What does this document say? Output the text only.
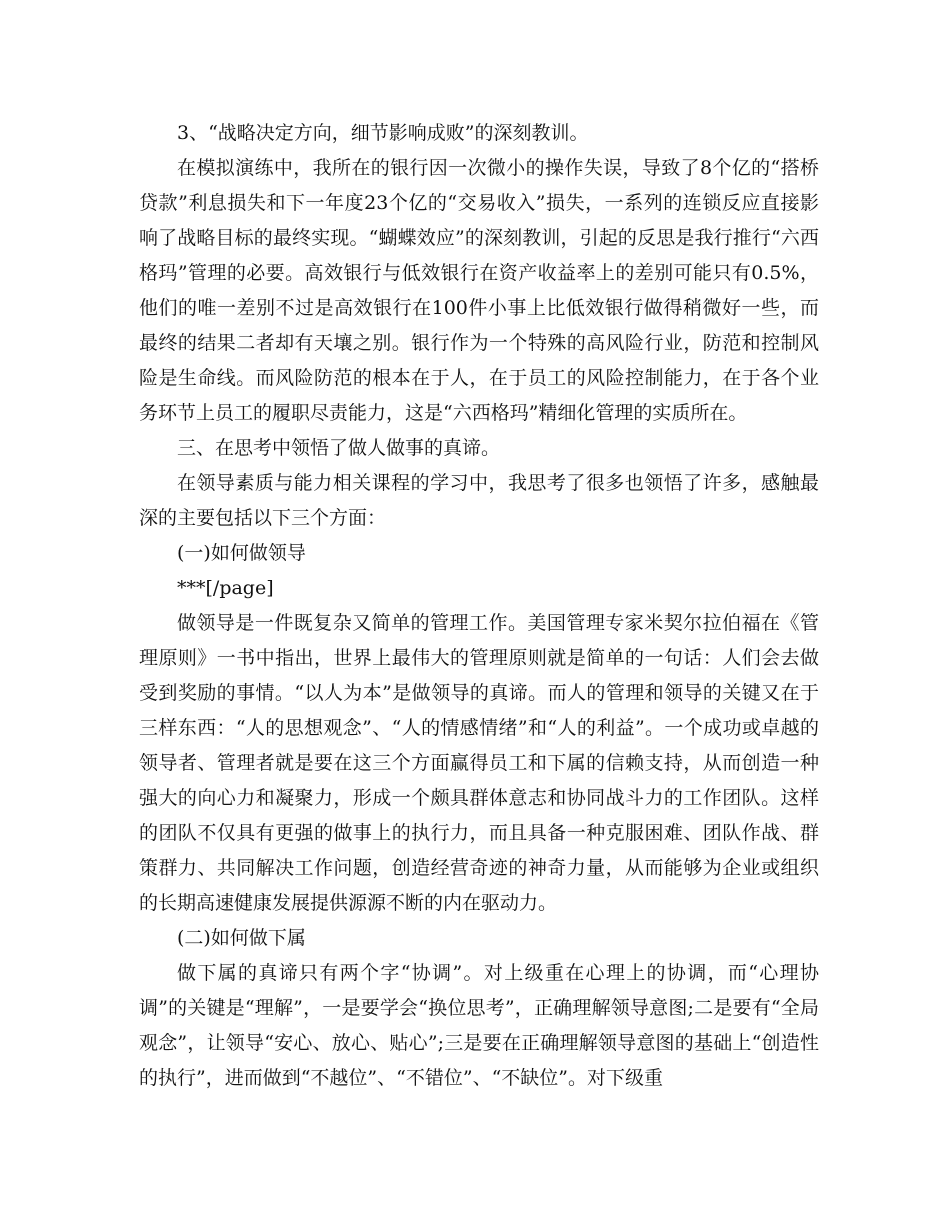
3、“战略决定方向，细节影响成败”的深刻教训。

在模拟演练中，我所在的银行因一次微小的操作失误，导致了8个亿的“搭桥贷款”利息损失和下一年度23个亿的“交易收入”损失，一系列的连锁反应直接影响了战略目标的最终实现。“蝴蝶效应”的深刻教训，引起的反思是我行推行“六西格玛”管理的必要。高效银行与低效银行在资产收益率上的差别可能只有0.5%，他们的唯一差别不过是高效银行在100件小事上比低效银行做得稍微好一些，而最终的结果二者却有天壤之别。银行作为一个特殊的高风险行业，防范和控制风险是生命线。而风险防范的根本在于人，在于员工的风险控制能力，在于各个业务环节上员工的履职尽责能力，这是“六西格玛”精细化管理的实质所在。

三、在思考中领悟了做人做事的真谛。

在领导素质与能力相关课程的学习中，我思考了很多也领悟了许多，感触最深的主要包括以下三个方面：

(一)如何做领导

***[/page]

做领导是一件既复杂又简单的管理工作。美国管理专家米契尔拉伯福在《管理原则》一书中指出，世界上最伟大的管理原则就是简单的一句话：人们会去做受到奖励的事情。“以人为本”是做领导的真谛。而人的管理和领导的关键又在于三样东西：“人的思想观念”、“人的情感情绪”和“人的利益”。一个成功或卓越的领导者、管理者就是要在这三个方面赢得员工和下属的信赖支持，从而创造一种强大的向心力和凝聚力，形成一个颇具群体意志和协同战斗力的工作团队。这样的团队不仅具有更强的做事上的执行力，而且具备一种克服困难、团队作战、群策群力、共同解决工作问题，创造经营奇迹的神奇力量，从而能够为企业或组织的长期高速健康发展提供源源不断的内在驱动力。

(二)如何做下属

做下属的真谛只有两个字“协调”。对上级重在心理上的协调，而“心理协调”的关键是“理解”，一是要学会“换位思考”，正确理解领导意图;二是要有“全局观念”，让领导“安心、放心、贴心”;三是要在正确理解领导意图的基础上“创造性的执行”，进而做到“不越位”、“不错位”、“不缺位”。对下级重
